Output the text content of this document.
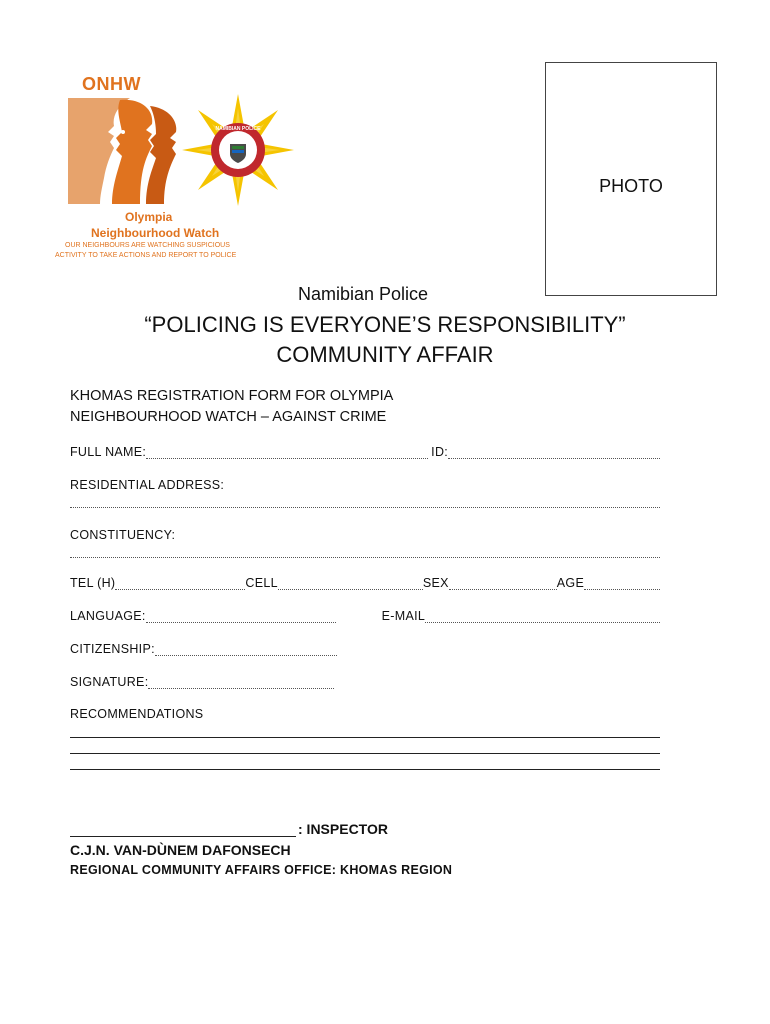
ONHW
NAMIBIAN POLICE
Olympia
Neighbourhood Watch
OUR NEIGHBOURS ARE WATCHING SUSPICIOUS
ACTIVITY TO TAKE ACTIONS AND REPORT TO POLICE
PHOTO
Namibian Police
“POLICING IS EVERYONE’S RESPONSIBILITY”
COMMUNITY AFFAIR
KHOMAS REGISTRATION FORM FOR OLYMPIA
NEIGHBOURHOOD WATCH – AGAINST CRIME
FULL NAME:	ID:
RESIDENTIAL ADDRESS:
CONSTITUENCY:
TEL (H)	CELL	SEX	AGE
LANGUAGE:	E-MAIL
CITIZENSHIP:
SIGNATURE:
RECOMMENDATIONS
: INSPECTOR
C.J.N. VAN-DÙNEM DAFONSECH
REGIONAL COMMUNITY AFFAIRS OFFICE: KHOMAS REGION
